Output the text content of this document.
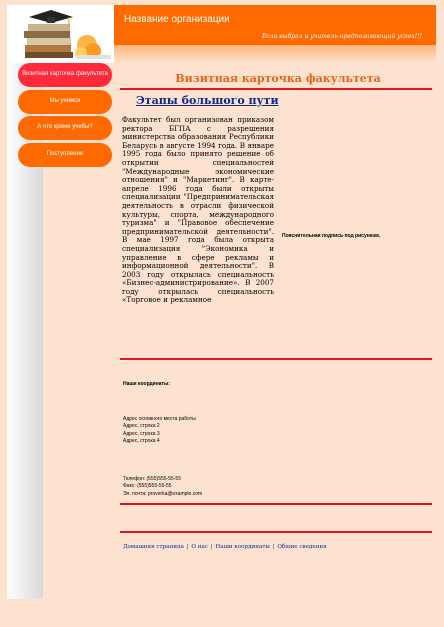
Название организации
Если выбрал и учитель-предполагающий успех!!!
Визитная карточка факультета
Мы учимся
А что кроме учебы?
Поступление
Визитная карточка факультета
Этапы большого пути
Факультет был организован приказом ректора БГПА с разрешения министерства образования Республики Беларусь в августе 1994 года. В январе 1995 года было принято решение об открытии специальностей "Международные экономические отношения" и "Маркетинг". В карте-апреле 1996 года были открыты специализации "Предпринимательская деятельность в отрасли физической культуры, спорта, международного туризма" и "Правовое обеспечение предпринимательской деятельности". В мае 1997 года была открыта специализация "Экономика и управление в сфере рекламы и информационной деятельности". В 2003 году открылась специальность «Бизнес-администрирование». В 2007 году открылась специальность «Торговое и рекламное
Пояснительная подпись под рисунком.
Наши координаты:
Адрес основного места работы
Адрес, строка 2
Адрес, строка 3
Адрес, строка 4
Телефон: (555)555-55-55
Факс: (555)555-55-55
Эл. почта: proverka@example.com
Домашняя страница | О нас | Наши координаты | Общие сведения
